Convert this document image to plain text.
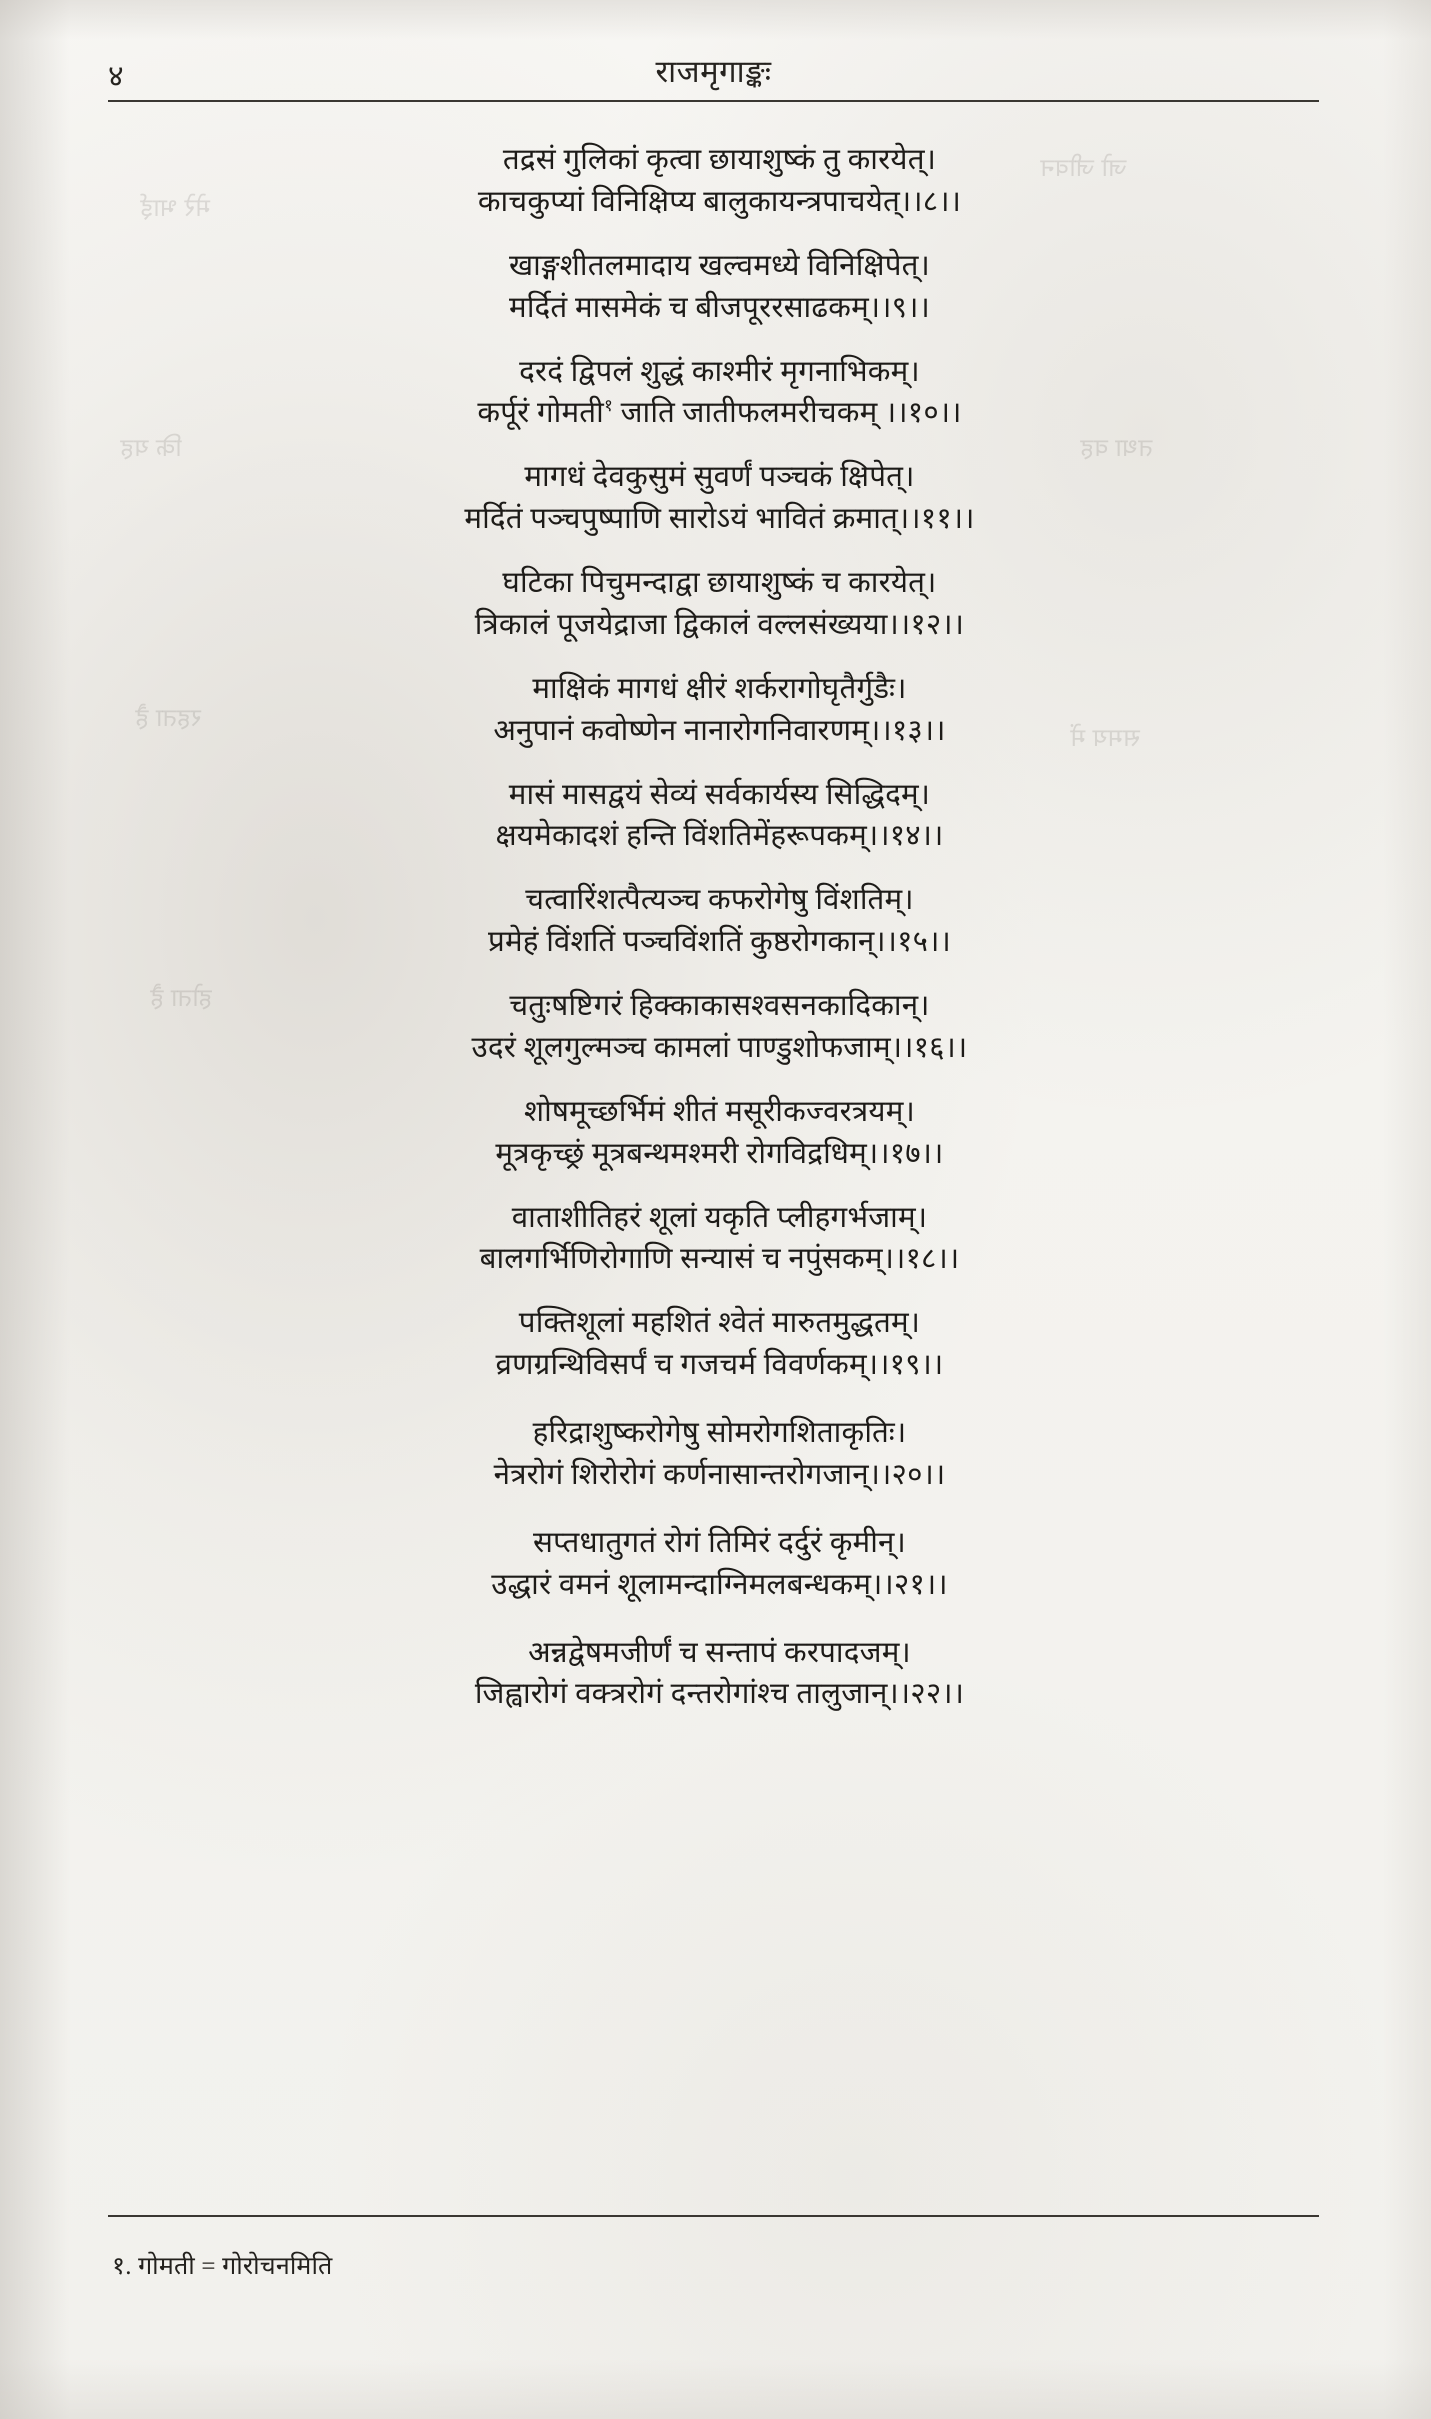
मेरे भाई
जो जीवन
कि यह	तथा वह
रहता है
समय में
होता है
४	राजमृगाङ्कः
तद्रसं गुलिकां कृत्वा छायाशुष्कं तु कारयेत्।
काचकुप्यां विनिक्षिप्य बालुकायन्त्रपाचयेत्।।८।।
खाङ्गशीतलमादाय खल्वमध्ये विनिक्षिपेत्।
मर्दितं मासमेकं च बीजपूररसाढकम्।।९।।
दरदं द्विपलं शुद्धं काश्मीरं मृगनाभिकम्।
कर्पूरं गोमती$^१$ जाति जातीफलमरीचकम् ।।१०।।
मागधं देवकुसुमं सुवर्णं पञ्चकं क्षिपेत्।
मर्दितं पञ्चपुष्पाणि सारोऽयं भावितं क्रमात्।।११।।
घटिका पिचुमन्दाद्वा छायाशुष्कं च कारयेत्।
त्रिकालं पूजयेद्राजा द्विकालं वल्लसंख्यया।।१२।।
माक्षिकं मागधं क्षीरं शर्करागोघृतैर्गुडैः।
अनुपानं कवोष्णेन नानारोगनिवारणम्।।१३।।
मासं मासद्वयं सेव्यं सर्वकार्यस्य सिद्धिदम्।
क्षयमेकादशं हन्ति विंशतिमेंहरूपकम्।।१४।।
चत्वारिंशत्पैत्यञ्च कफरोगेषु विंशतिम्।
प्रमेहं विंशतिं पञ्चविंशतिं कुष्ठरोगकान्।।१५।।
चतुःषष्टिगरं हिक्काकासश्वसनकादिकान्।
उदरं शूलगुल्मञ्च कामलां पाण्डुशोफजाम्।।१६।।
शोषमूच्छर्भिमं शीतं मसूरीकज्वरत्रयम्।
मूत्रकृच्छ्रं मूत्रबन्थमश्मरी रोगविद्रधिम्।।१७।।
वाताशीतिहरं शूलां यकृति प्लीहगर्भजाम्।
बालगर्भिणिरोगाणि सन्यासं च नपुंसकम्।।१८।।
पक्तिशूलां महशितं श्वेतं मारुतमुद्धतम्।
व्रणग्रन्थिविसर्पं च गजचर्म विवर्णकम्।।१९।।
हरिद्राशुष्करोगेषु सोमरोगशिताकृतिः।
नेत्ररोगं शिरोरोगं कर्णनासान्तरोगजान्।।२०।।
सप्तधातुगतं रोगं तिमिरं दर्दुरं कृमीन्।
उद्धारं वमनं शूलामन्दाग्निमलबन्धकम्।।२१।।
अन्नद्वेषमजीर्णं च सन्तापं करपादजम्।
जिह्वारोगं वक्त्ररोगं दन्तरोगांश्च तालुजान्।।२२।।
१. गोमती = गोरोचनमिति
